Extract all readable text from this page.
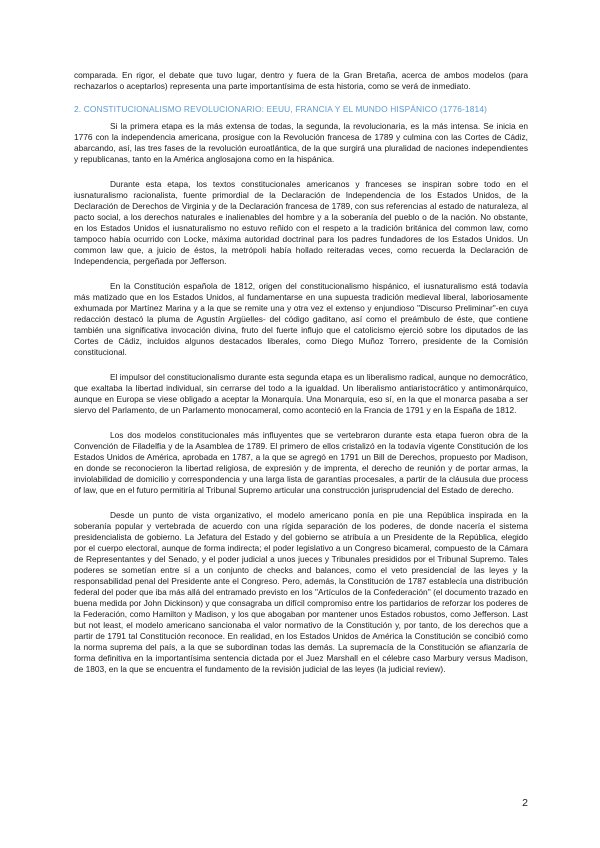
comparada. En rigor, el debate que tuvo lugar, dentro y fuera de la Gran Bretaña, acerca de ambos modelos (para rechazarlos o aceptarlos) representa una parte importantísima de esta historia, como se verá de inmediato.

2. CONSTITUCIONALISMO REVOLUCIONARIO: EEUU, FRANCIA Y EL MUNDO HISPÁNICO (1776-1814)

Si la primera etapa es la más extensa de todas, la segunda, la revolucionaria, es la más intensa. Se inicia en 1776 con la independencia americana, prosigue con la Revolución francesa de 1789 y culmina con las Cortes de Cádiz, abarcando, así, las tres fases de la revolución euroatlántica, de la que surgirá una pluralidad de naciones independientes y republicanas, tanto en la América anglosajona como en la hispánica.

Durante esta etapa, los textos constitucionales americanos y franceses se inspiran sobre todo en el iusnaturalismo racionalista, fuente primordial de la Declaración de Independencia de los Estados Unidos, de la Declaración de Derechos de Virginia y de la Declaración francesa de 1789, con sus referencias al estado de naturaleza, al pacto social, a los derechos naturales e inalienables del hombre y a la soberanía del pueblo o de la nación. No obstante, en los Estados Unidos el iusnaturalismo no estuvo reñido con el respeto a la tradición británica del common law, como tampoco había ocurrido con Locke, máxima autoridad doctrinal para los padres fundadores de los Estados Unidos. Un common law que, a juicio de éstos, la metrópoli había hollado reiteradas veces, como recuerda la Declaración de Independencia, pergeñada por Jefferson.

En la Constitución española de 1812, origen del constitucionalismo hispánico, el iusnaturalismo está todavía más matizado que en los Estados Unidos, al fundamentarse en una supuesta tradición medieval liberal, laboriosamente exhumada por Martínez Marina y a la que se remite una y otra vez el extenso y enjundioso "Discurso Preliminar"-en cuya redacción destacó la pluma de Agustín Argüelles- del código gaditano, así como el preámbulo de éste, que contiene también una significativa invocación divina, fruto del fuerte influjo que el catolicismo ejerció sobre los diputados de las Cortes de Cádiz, incluidos algunos destacados liberales, como Diego Muñoz Torrero, presidente de la Comisión constitucional.

El impulsor del constitucionalismo durante esta segunda etapa es un liberalismo radical, aunque no democrático, que exaltaba la libertad individual, sin cerrarse del todo a la igualdad. Un liberalismo antiaristocrático y antimonárquico, aunque en Europa se viese obligado a aceptar la Monarquía. Una Monarquía, eso sí, en la que el monarca pasaba a ser siervo del Parlamento, de un Parlamento monocameral, como aconteció en la Francia de 1791 y en la España de 1812.

Los dos modelos constitucionales más influyentes que se vertebraron durante esta etapa fueron obra de la Convención de Filadelfia y de la Asamblea de 1789. El primero de ellos cristalizó en la todavía vigente Constitución de los Estados Unidos de América, aprobada en 1787, a la que se agregó en 1791 un Bill de Derechos, propuesto por Madison, en donde se reconocieron la libertad religiosa, de expresión y de imprenta, el derecho de reunión y de portar armas, la inviolabilidad de domicilio y correspondencia y una larga lista de garantías procesales, a partir de la cláusula due process of law, que en el futuro permitiría al Tribunal Supremo articular una construcción jurisprudencial del Estado de derecho.

Desde un punto de vista organizativo, el modelo americano ponía en pie una República inspirada en la soberanía popular y vertebrada de acuerdo con una rígida separación de los poderes, de donde nacería el sistema presidencialista de gobierno. La Jefatura del Estado y del gobierno se atribuía a un Presidente de la República, elegido por el cuerpo electoral, aunque de forma indirecta; el poder legislativo a un Congreso bicameral, compuesto de la Cámara de Representantes y del Senado, y el poder judicial a unos jueces y Tribunales presididos por el Tribunal Supremo. Tales poderes se sometían entre sí a un conjunto de checks and balances, como el veto presidencial de las leyes y la responsabilidad penal del Presidente ante el Congreso. Pero, además, la Constitución de 1787 establecía una distribución federal del poder que iba más allá del entramado previsto en los "Artículos de la Confederación" (el documento trazado en buena medida por John Dickinson) y que consagraba un difícil compromiso entre los partidarios de reforzar los poderes de la Federación, como Hamilton y Madison, y los que abogaban por mantener unos Estados robustos, como Jefferson. Last but not least, el modelo americano sancionaba el valor normativo de la Constitución y, por tanto, de los derechos que a partir de 1791 tal Constitución reconoce. En realidad, en los Estados Unidos de América la Constitución se concibió como la norma suprema del país, a la que se subordinan todas las demás. La supremacía de la Constitución se afianzaría de forma definitiva en la importantísima sentencia dictada por el Juez Marshall en el célebre caso Marbury versus Madison, de 1803, en la que se encuentra el fundamento de la revisión judicial de las leyes (la judicial review).

2
